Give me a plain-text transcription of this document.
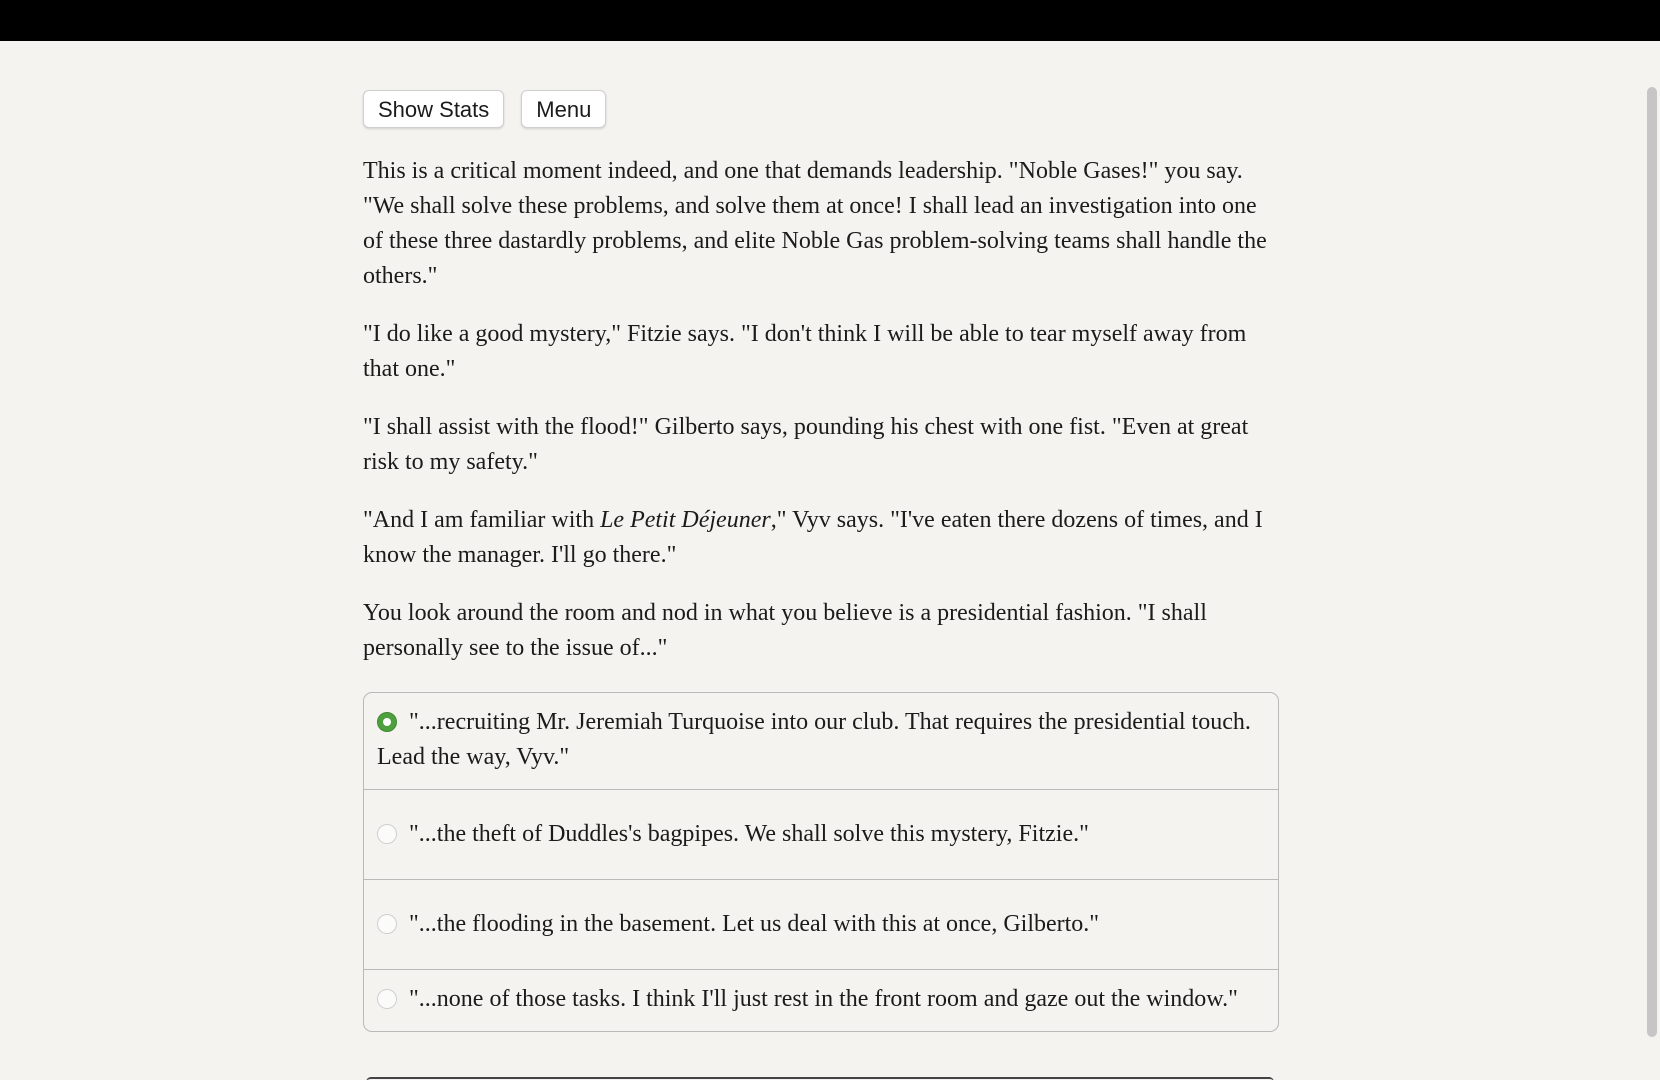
Show Stats	Menu

This is a critical moment indeed, and one that demands leadership. "Noble Gases!" you say. "We shall solve these problems, and solve them at once! I shall lead an investigation into one of these three dastardly problems, and elite Noble Gas problem-solving teams shall handle the others."

"I do like a good mystery," Fitzie says. "I don't think I will be able to tear myself away from that one."

"I shall assist with the flood!" Gilberto says, pounding his chest with one fist. "Even at great risk to my safety."

"And I am familiar with Le Petit Déjeuner," Vyv says. "I've eaten there dozens of times, and I know the manager. I'll go there."

You look around the room and nod in what you believe is a presidential fashion. "I shall personally see to the issue of..."

"...recruiting Mr. Jeremiah Turquoise into our club. That requires the presidential touch. Lead the way, Vyv."
"...the theft of Duddles's bagpipes. We shall solve this mystery, Fitzie."
"...the flooding in the basement. Let us deal with this at once, Gilberto."
"...none of those tasks. I think I'll just rest in the front room and gaze out the window."
